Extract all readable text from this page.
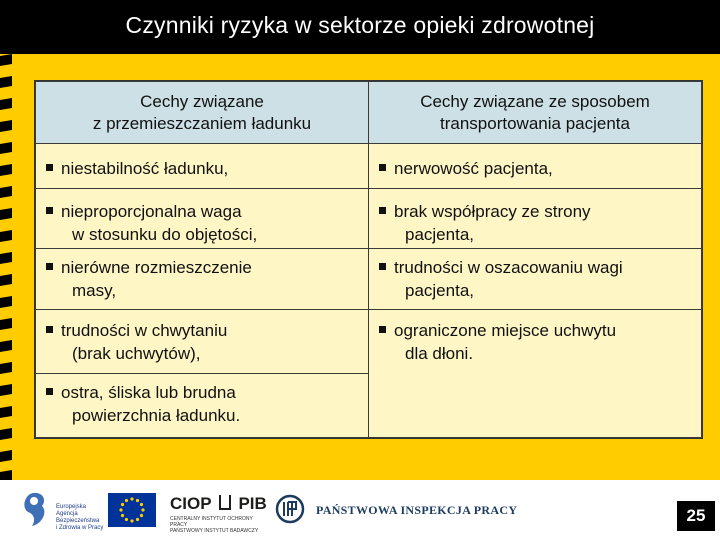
Czynniki ryzyka w sektorze opieki zdrowotnej
Cechy związane
z przemieszczaniem ładunku
Cechy związane ze sposobem
transportowania pacjenta
niestabilność ładunku,
nieproporcjonalna waga
w stosunku do objętości,
nierówne rozmieszczenie
masy,
trudności w chwytaniu
(brak uchwytów),
ostra, śliska lub brudna
powierzchnia ładunku.
nerwowość pacjenta,
brak współpracy ze strony
pacjenta,
trudności w oszacowaniu wagi
pacjenta,
ograniczone miejsce uchwytu
dla dłoni.
Europejska Agencja
Bezpieczeństwa
i Zdrowia w Pracy
CIOP PIB
CENTRALNY INSTYTUT OCHRONY PRACY
PAŃSTWOWY INSTYTUT BADAWCZY
PAŃSTWOWA INSPEKCJA PRACY	25
